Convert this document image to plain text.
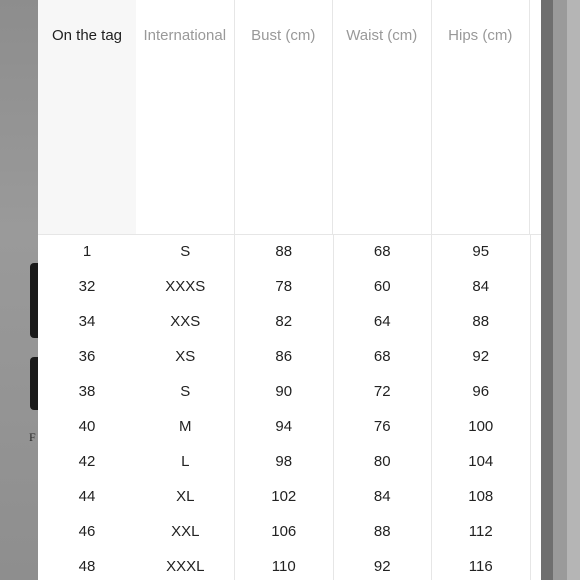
F
On the tag	International	Bust (cm)	Waist (cm)	Hips (cm)
1	S	88	68	95
32	XXXS	78	60	84
34	XXS	82	64	88
36	XS	86	68	92
38	S	90	72	96
40	M	94	76	100
42	L	98	80	104
44	XL	102	84	108
46	XXL	106	88	112
48	XXXL	110	92	116
